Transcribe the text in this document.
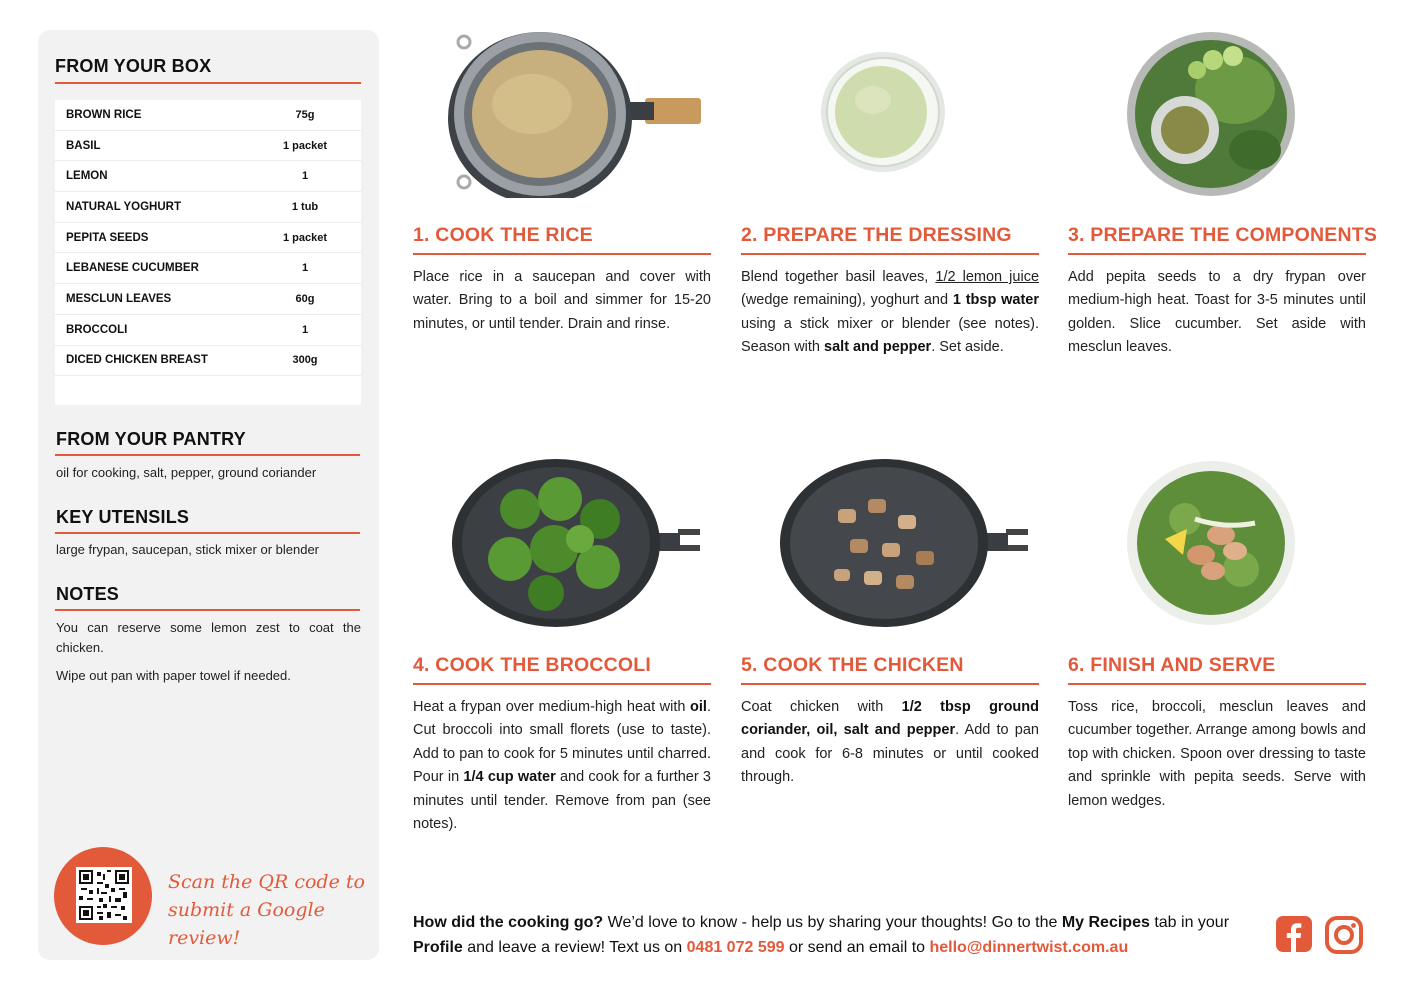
FROM YOUR BOX
BROWN RICE	75g
BASIL	1 packet
LEMON	1
NATURAL YOGHURT	1 tub
PEPITA SEEDS	1 packet
LEBANESE CUCUMBER	1
MESCLUN LEAVES	60g
BROCCOLI	1
DICED CHICKEN BREAST	300g
FROM YOUR PANTRY
oil for cooking, salt, pepper, ground coriander
KEY UTENSILS
large frypan, saucepan, stick mixer or blender
NOTES
You can reserve some lemon zest to coat the chicken.
Wipe out pan with paper towel if needed.
Scan the QR code to
submit a Google review!
1. COOK THE RICE
Place rice in a saucepan and cover with water. Bring to a boil and simmer for 15-20 minutes, or until tender. Drain and rinse.
2. PREPARE THE DRESSING
Blend together basil leaves, 1/2 lemon juice (wedge remaining), yoghurt and 1 tbsp water using a stick mixer or blender (see notes). Season with salt and pepper. Set aside.
3. PREPARE THE COMPONENTS
Add pepita seeds to a dry frypan over medium-high heat. Toast for 3-5 minutes until golden. Slice cucumber. Set aside with mesclun leaves.
4. COOK THE BROCCOLI
Heat a frypan over medium-high heat with oil. Cut broccoli into small florets (use to taste). Add to pan to cook for 5 minutes until charred. Pour in 1/4 cup water and cook for a further 3 minutes until tender. Remove from pan (see notes).
5. COOK THE CHICKEN
Coat chicken with 1/2 tbsp ground coriander, oil, salt and pepper. Add to pan and cook for 6-8 minutes or until cooked through.
6. FINISH AND SERVE
Toss rice, broccoli, mesclun leaves and cucumber together. Arrange among bowls and top with chicken. Spoon over dressing to taste and sprinkle with pepita seeds. Serve with lemon wedges.
How did the cooking go? We’d love to know - help us by sharing your thoughts! Go to the My Recipes tab in your Profile and leave a review! Text us on 0481 072 599 or send an email to hello@dinnertwist.com.au
